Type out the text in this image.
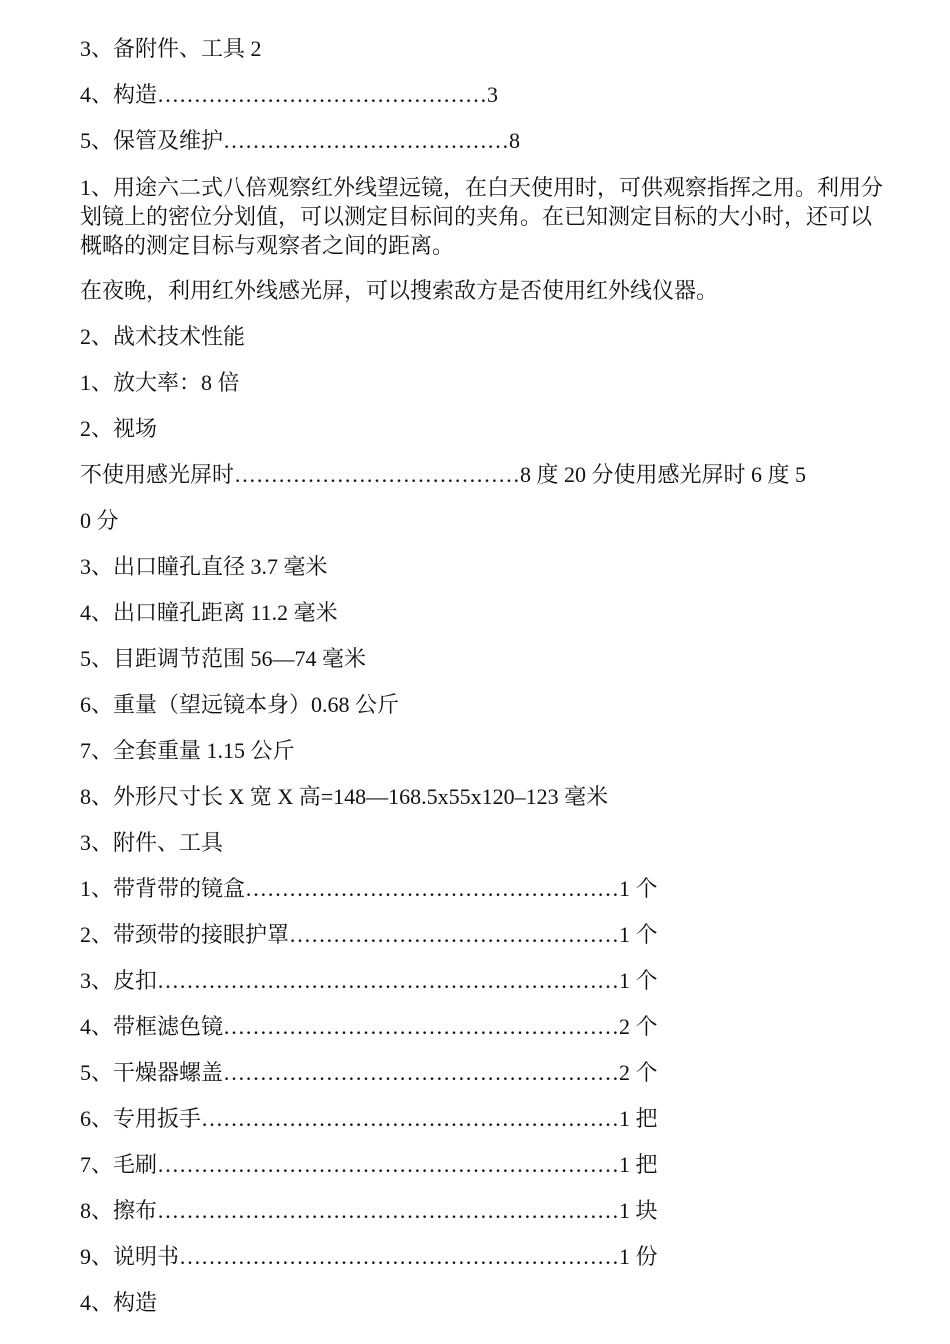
3、备附件、工具 2
4、构造………………………………………3
5、保管及维护…………………………………8
1、用途六二式八倍观察红外线望远镜，在白天使用时，可供观察指挥之用。利用分划镜上的密位分划值，可以测定目标间的夹角。在已知测定目标的大小时，还可以概略的测定目标与观察者之间的距离。
在夜晚，利用红外线感光屏，可以搜索敌方是否使用红外线仪器。
2、战术技术性能
1、放大率：8 倍
2、视场
不使用感光屏时…………………………………8 度 20 分使用感光屏时 6 度 5
0 分
3、出口瞳孔直径 3.7 毫米
4、出口瞳孔距离 11.2 毫米
5、目距调节范围 56—74 毫米
6、重量（望远镜本身）0.68 公斤
7、全套重量 1.15 公斤
8、外形尺寸长 X 宽 X 高=148—168.5x55x120–123 毫米
3、附件、工具
1、带背带的镜盒……………………………………………1 个
2、带颈带的接眼护罩………………………………………1 个
3、皮扣………………………………………………………1 个
4、带框滤色镜………………………………………………2 个
5、干燥器螺盖………………………………………………2 个
6、专用扳手…………………………………………………1 把
7、毛刷………………………………………………………1 把
8、擦布………………………………………………………1 块
9、说明书……………………………………………………1 份
4、构造
